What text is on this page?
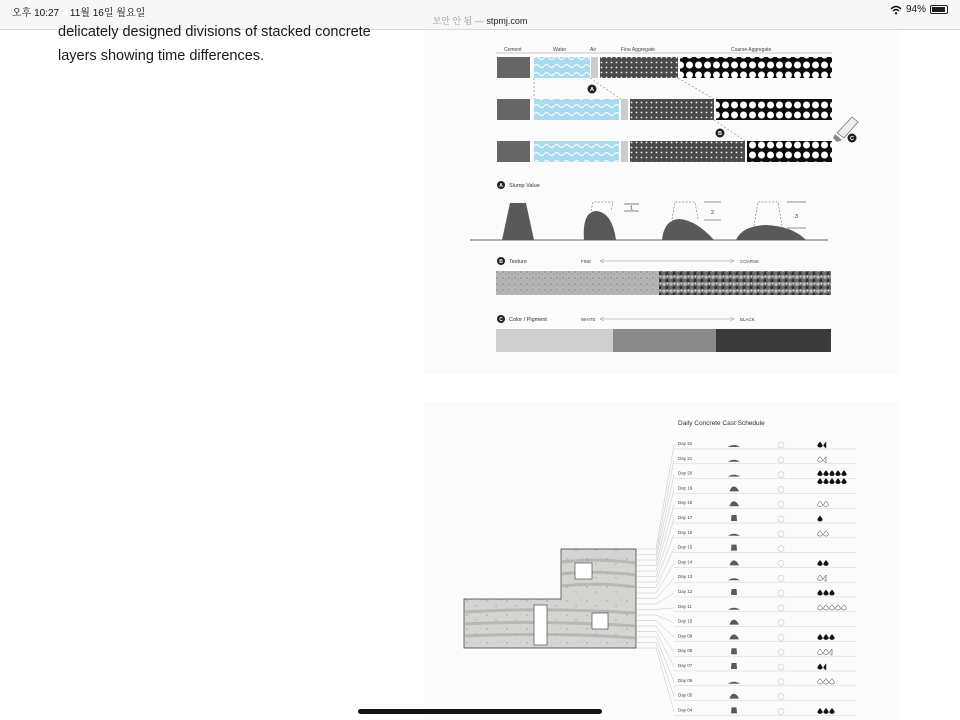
오후 10:27 11월 16일 월요일
보안 안 됨 — stpmj.com
94%
delicately designed divisions of stacked concrete
layers showing time differences.	Cement	Water	Air	Fine Aggregate	Coarse Aggregate
A
B
C
A Slump Value
1
2
3
B Texture	FINE	COARSE
C Color / Pigment	WHITE	BLACK
Daily Concrete Cast Schedule
Day 22
Day 21
Day 20
Day 19
Day 18
Day 17
Day 16
Day 15
Day 14
Day 13
Day 12
Day 11
Day 10
Day 09
Day 08
Day 07
Day 06
Day 05
Day 04
